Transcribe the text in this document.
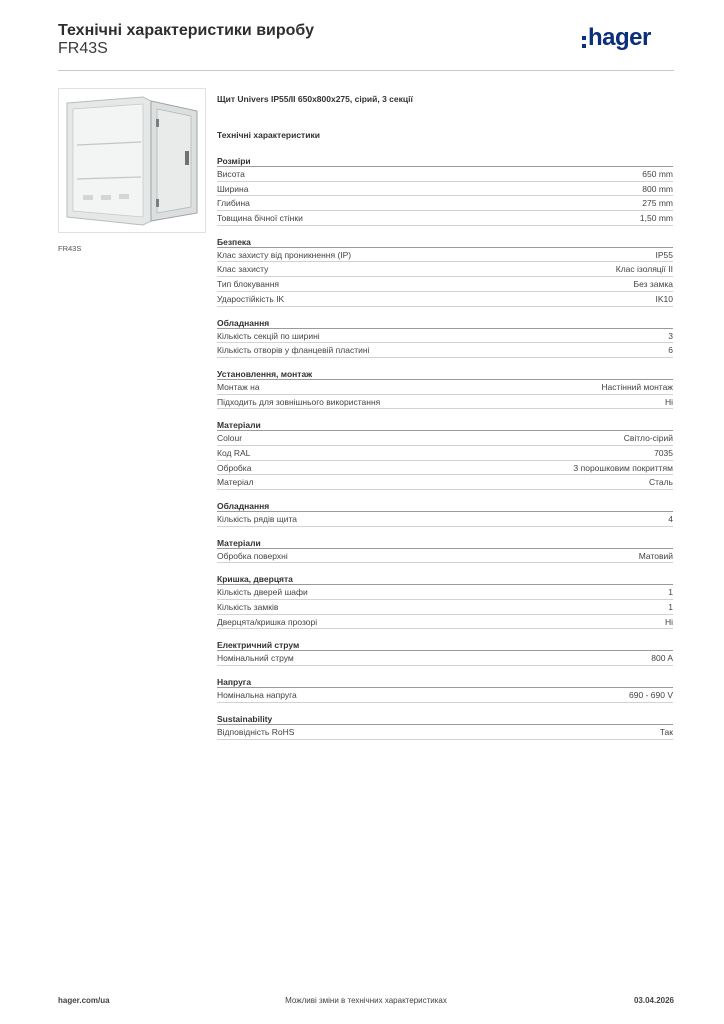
Технічні характеристики виробу
FR43S	hager
FR43S
Щит Univers IP55/II 650x800x275, сірий, 3 секції
Технічні характеристики
Розміри
Висота	650 mm
Ширина	800 mm
Глибина	275 mm
Товщина бічної стінки	1,50 mm
Безпека
Клас захисту від проникнення (IP)	IP55
Клас захисту	Клас ізоляції II
Тип блокування	Без замка
Ударостійкість IK	IK10
Обладнання
Кількість секцій по ширині	3
Кількість отворів у фланцевій пластині	6
Установлення, монтаж
Монтаж на	Настінний монтаж
Підходить для зовнішнього використання	Ні
Матеріали
Colour	Світло-сірий
Код RAL	7035
Обробка	З порошковим покриттям
Матеріал	Сталь
Обладнання
Кількість рядів щита	4
Матеріали
Обробка поверхні	Матовий
Кришка, дверцята
Кількість дверей шафи	1
Кількість замків	1
Дверцята/кришка прозорі	Ні
Електричний струм
Номінальний струм	800 A
Напруга
Номінальна напруга	690 - 690 V
Sustainability
Відповідність RoHS	Так
hager.com/ua	Можливі зміни в технічних характеристиках	03.04.2026
